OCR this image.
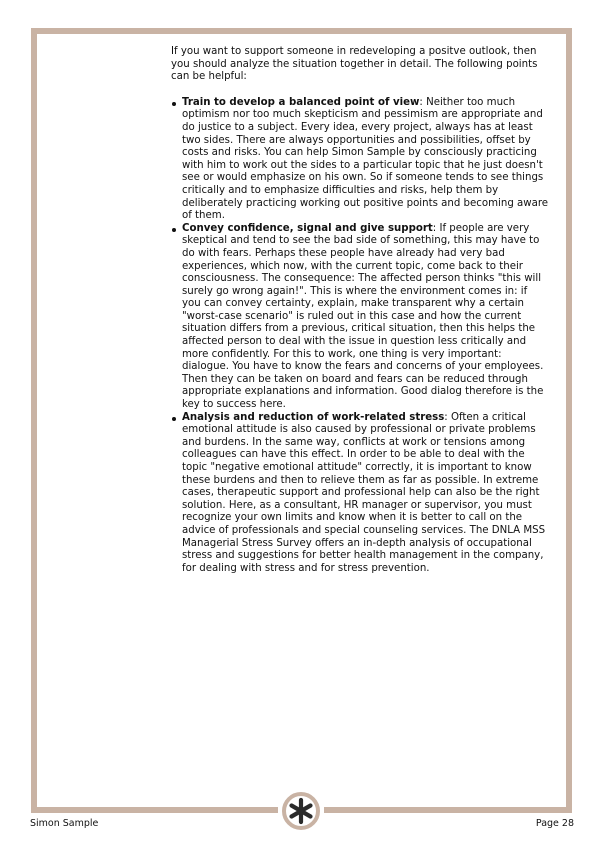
If you want to support someone in redeveloping a positve outlook, then you should analyze the situation together in detail. The following points can be helpful:

Train to develop a balanced point of view: Neither too much optimism nor too much skepticism and pessimism are appropriate and do justice to a subject. Every idea, every project, always has at least two sides. There are always opportunities and possibilities, offset by costs and risks. You can help Simon Sample by consciously practicing with him to work out the sides to a particular topic that he just doesn't see or would emphasize on his own. So if someone tends to see things critically and to emphasize difficulties and risks, help them by deliberately practicing working out positive points and becoming aware of them.
Convey confidence, signal and give support: If people are very skeptical and tend to see the bad side of something, this may have to do with fears. Perhaps these people have already had very bad experiences, which now, with the current topic, come back to their consciousness. The consequence: The affected person thinks "this will surely go wrong again!". This is where the environment comes in: if you can convey certainty, explain, make transparent why a certain "worst-case scenario" is ruled out in this case and how the current situation differs from a previous, critical situation, then this helps the affected person to deal with the issue in question less critically and more confidently. For this to work, one thing is very important: dialogue. You have to know the fears and concerns of your employees. Then they can be taken on board and fears can be reduced through appropriate explanations and information. Good dialog therefore is the key to success here.
Analysis and reduction of work-related stress: Often a critical emotional attitude is also caused by professional or private problems and burdens. In the same way, conflicts at work or tensions among colleagues can have this effect. In order to be able to deal with the topic "negative emotional attitude" correctly, it is important to know these burdens and then to relieve them as far as possible. In extreme cases, therapeutic support and professional help can also be the right solution. Here, as a consultant, HR manager or supervisor, you must recognize your own limits and know when it is better to call on the advice of professionals and special counseling services. The DNLA MSS Managerial Stress Survey offers an in-depth analysis of occupational stress and suggestions for better health management in the company, for dealing with stress and for stress prevention.
Simon Sample	Page 28
